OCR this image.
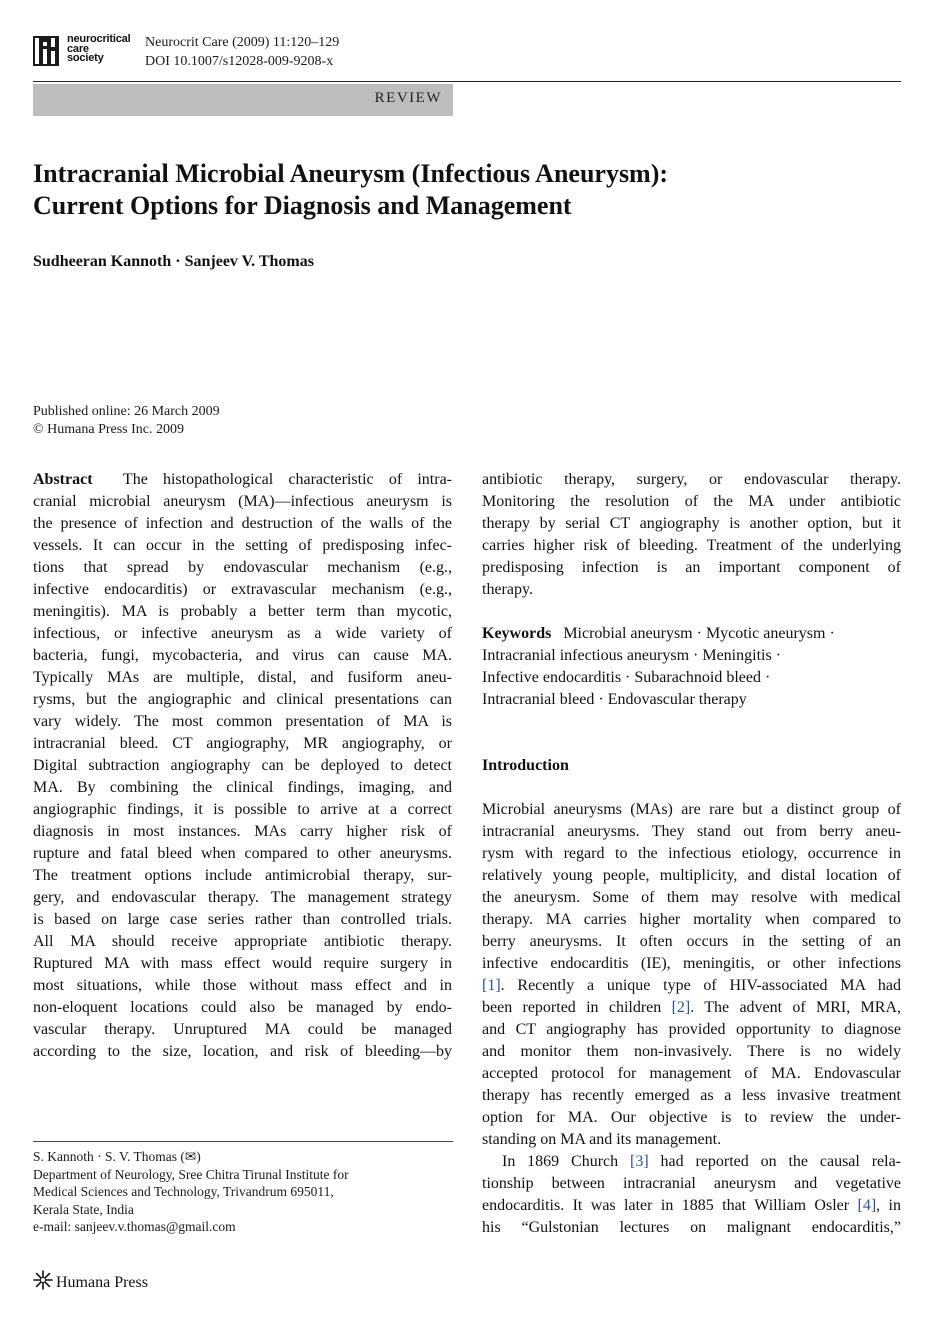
neurocritical
care
society
Neurocrit Care (2009) 11:120–129
DOI 10.1007/s12028-009-9208-x
REVIEW
Intracranial Microbial Aneurysm (Infectious Aneurysm):
Current Options for Diagnosis and Management
Sudheeran Kannoth · Sanjeev V. Thomas
Published online: 26 March 2009
© Humana Press Inc. 2009
Abstract The histopathological characteristic of intra-
cranial microbial aneurysm (MA)—infectious aneurysm is
the presence of infection and destruction of the walls of the
vessels. It can occur in the setting of predisposing infec-
tions that spread by endovascular mechanism (e.g.,
infective endocarditis) or extravascular mechanism (e.g.,
meningitis). MA is probably a better term than mycotic,
infectious, or infective aneurysm as a wide variety of
bacteria, fungi, mycobacteria, and virus can cause MA.
Typically MAs are multiple, distal, and fusiform aneu-
rysms, but the angiographic and clinical presentations can
vary widely. The most common presentation of MA is
intracranial bleed. CT angiography, MR angiography, or
Digital subtraction angiography can be deployed to detect
MA. By combining the clinical findings, imaging, and
angiographic findings, it is possible to arrive at a correct
diagnosis in most instances. MAs carry higher risk of
rupture and fatal bleed when compared to other aneurysms.
The treatment options include antimicrobial therapy, sur-
gery, and endovascular therapy. The management strategy
is based on large case series rather than controlled trials.
All MA should receive appropriate antibiotic therapy.
Ruptured MA with mass effect would require surgery in
most situations, while those without mass effect and in
non-eloquent locations could also be managed by endo-
vascular therapy. Unruptured MA could be managed
according to the size, location, and risk of bleeding—by
antibiotic therapy, surgery, or endovascular therapy.
Monitoring the resolution of the MA under antibiotic
therapy by serial CT angiography is another option, but it
carries higher risk of bleeding. Treatment of the underlying
predisposing infection is an important component of
therapy.
Keywords Microbial aneurysm · Mycotic aneurysm ·
Intracranial infectious aneurysm · Meningitis ·
Infective endocarditis · Subarachnoid bleed ·
Intracranial bleed · Endovascular therapy
Introduction
Microbial aneurysms (MAs) are rare but a distinct group of
intracranial aneurysms. They stand out from berry aneu-
rysm with regard to the infectious etiology, occurrence in
relatively young people, multiplicity, and distal location of
the aneurysm. Some of them may resolve with medical
therapy. MA carries higher mortality when compared to
berry aneurysms. It often occurs in the setting of an
infective endocarditis (IE), meningitis, or other infections
[1]. Recently a unique type of HIV-associated MA had
been reported in children [2]. The advent of MRI, MRA,
and CT angiography has provided opportunity to diagnose
and monitor them non-invasively. There is no widely
accepted protocol for management of MA. Endovascular
therapy has recently emerged as a less invasive treatment
option for MA. Our objective is to review the under-
standing on MA and its management.
In 1869 Church [3] had reported on the causal rela-
tionship between intracranial aneurysm and vegetative
endocarditis. It was later in 1885 that William Osler [4], in
his “Gulstonian lectures on malignant endocarditis,”
S. Kannoth · S. V. Thomas (✉)
Department of Neurology, Sree Chitra Tirunal Institute for
Medical Sciences and Technology, Trivandrum 695011,
Kerala State, India
e-mail: sanjeev.v.thomas@gmail.com
Humana Press
